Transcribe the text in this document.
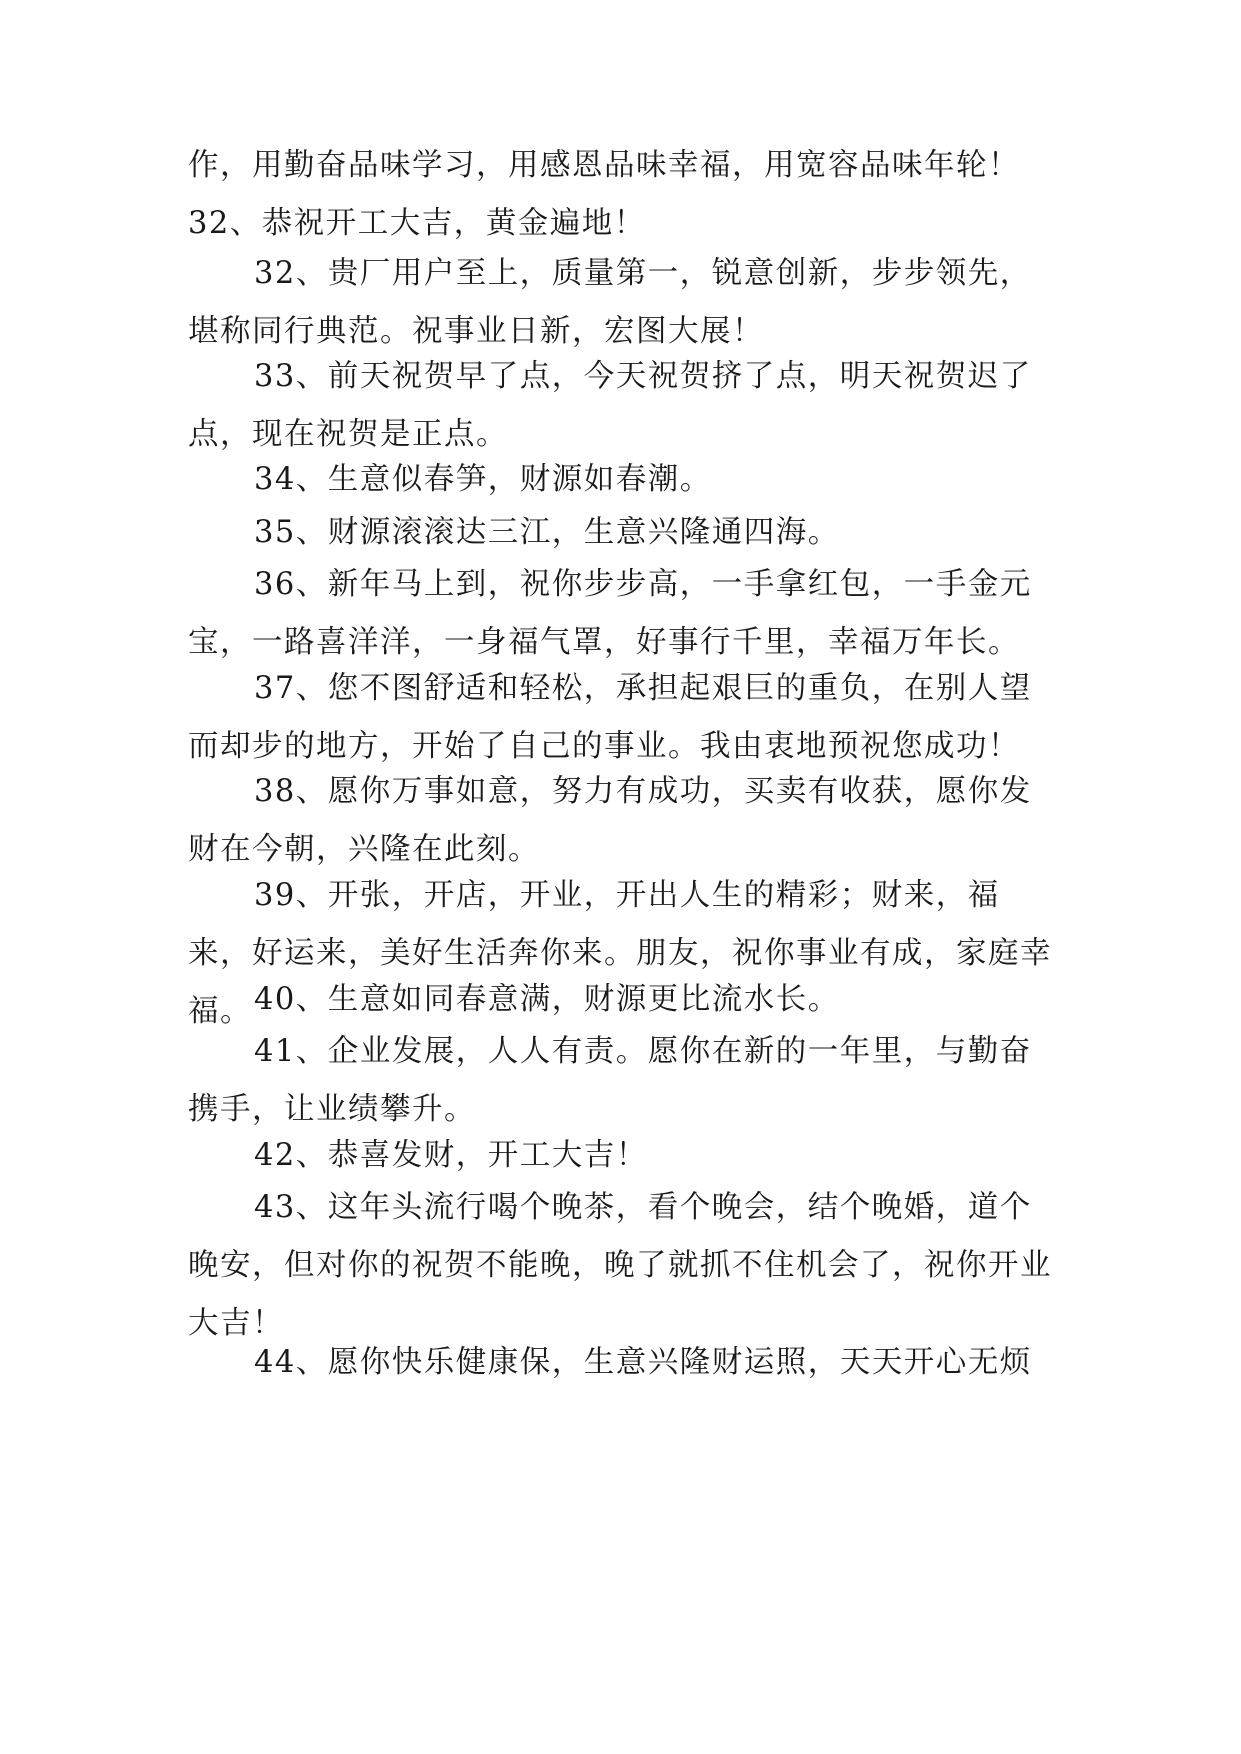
作，用勤奋品味学习，用感恩品味幸福，用宽容品味年轮！

32、恭祝开工大吉，黄金遍地！

32、贵厂用户至上，质量第一，锐意创新，步步领先，堪称同行典范。祝事业日新，宏图大展！

33、前天祝贺早了点，今天祝贺挤了点，明天祝贺迟了点，现在祝贺是正点。

34、生意似春笋，财源如春潮。

35、财源滚滚达三江，生意兴隆通四海。

36、新年马上到，祝你步步高，一手拿红包，一手金元宝，一路喜洋洋，一身福气罩，好事行千里，幸福万年长。

37、您不图舒适和轻松，承担起艰巨的重负，在别人望而却步的地方，开始了自己的事业。我由衷地预祝您成功！

38、愿你万事如意，努力有成功，买卖有收获，愿你发财在今朝，兴隆在此刻。

39、开张，开店，开业，开出人生的精彩；财来，福来，好运来，美好生活奔你来。朋友，祝你事业有成，家庭幸福。 40、生意如同春意满，财源更比流水长。

41、企业发展，人人有责。愿你在新的一年里，与勤奋携手，让业绩攀升。

42、恭喜发财，开工大吉！

43、这年头流行喝个晚茶，看个晚会，结个晚婚，道个晚安，但对你的祝贺不能晚，晚了就抓不住机会了，祝你开业大吉！

44、愿你快乐健康保，生意兴隆财运照，天天开心无烦
